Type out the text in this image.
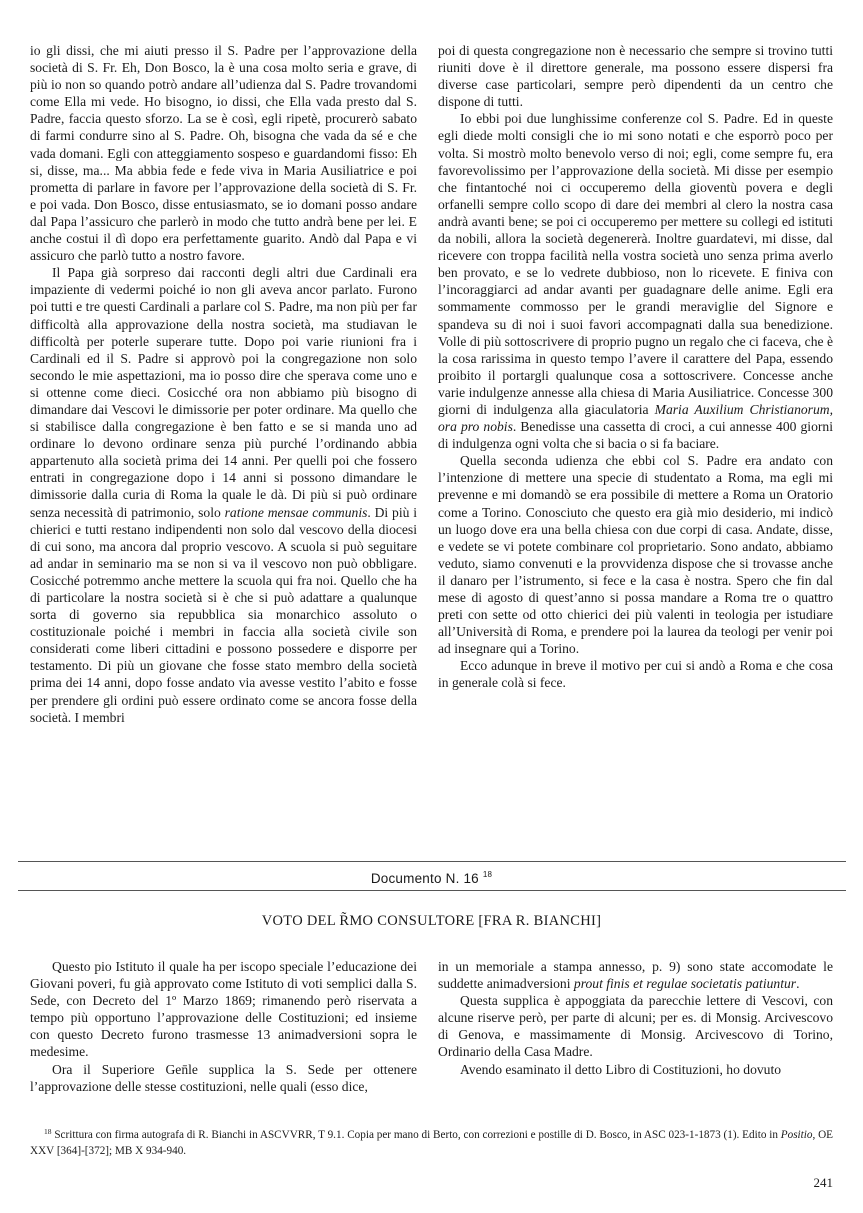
io gli dissi, che mi aiuti presso il S. Padre per l’approvazione della società di S. Fr. Eh, Don Bosco, la è una cosa molto seria e grave, di più io non so quando potrò andare all’udienza dal S. Padre trovandomi come Ella mi vede. Ho bisogno, io dissi, che Ella vada presto dal S. Padre, faccia questo sforzo. La se è così, egli ripetè, procurerò sabato di farmi condurre sino al S. Padre. Oh, bisogna che vada da sé e che vada domani. Egli con atteggiamento sospeso e guardandomi fisso: Eh si, disse, ma... Ma abbia fede e fede viva in Maria Ausiliatrice e poi prometta di parlare in favore per l’approvazione della società di S. Fr. e poi vada. Don Bosco, disse entusiasmato, se io domani posso andare dal Papa l’assicuro che parlerò in modo che tutto andrà bene per lei. E anche costui il dì dopo era perfettamente guarito. Andò dal Papa e vi assicuro che parlò tutto a nostro favore.

Il Papa già sorpreso dai racconti degli altri due Cardinali era impaziente di vedermi poiché io non gli aveva ancor parlato. Furono poi tutti e tre questi Cardinali a parlare col S. Padre, ma non più per far difficoltà alla approvazione della nostra società, ma studiavan le difficoltà per poterle superare tutte. Dopo poi varie riunioni fra i Cardinali ed il S. Padre si approvò poi la congregazione non solo secondo le mie aspettazioni, ma io posso dire che sperava come uno e si ottenne come dieci. Cosicché ora non abbiamo più bisogno di dimandare dai Vescovi le dimissorie per poter ordinare. Ma quello che si stabilisce dalla congregazione è ben fatto e se si manda uno ad ordinare lo devono ordinare senza più purché l’ordinando abbia appartenuto alla società prima dei 14 anni. Per quelli poi che fossero entrati in congregazione dopo i 14 anni si possono dimandare le dimissorie dalla curia di Roma la quale le dà. Di più si può ordinare senza necessità di patrimonio, solo ratione mensae communis. Di più i chierici e tutti restano indipendenti non solo dal vescovo della diocesi di cui sono, ma ancora dal proprio vescovo. A scuola si può seguitare ad andar in seminario ma se non si va il vescovo non può obbligare. Cosicché potremmo anche mettere la scuola qui fra noi. Quello che ha di particolare la nostra società si è che si può adattare a qualunque sorta di governo sia repubblica sia monarchico assoluto o costituzionale poiché i membri in faccia alla società civile son considerati come liberi cittadini e possono possedere e disporre per testamento. Di più un giovane che fosse stato membro della società prima dei 14 anni, dopo fosse andato via avesse vestito l’abito e fosse per prendere gli ordini può essere ordinato come se ancora fosse della società. I membri

poi di questa congregazione non è necessario che sempre si trovino tutti riuniti dove è il direttore generale, ma possono essere dispersi fra diverse case particolari, sempre però dipendenti da un centro che dispone di tutti.

Io ebbi poi due lunghissime conferenze col S. Padre. Ed in queste egli diede molti consigli che io mi sono notati e che esporrò poco per volta. Si mostrò molto benevolo verso di noi; egli, come sempre fu, era favorevolissimo per l’approvazione della società. Mi disse per esempio che fintantoché noi ci occuperemo della gioventù povera e degli orfanelli sempre collo scopo di dare dei membri al clero la nostra casa andrà avanti bene; se poi ci occuperemo per mettere su collegi ed istituti da nobili, allora la società degenererà. Inoltre guardatevi, mi disse, dal ricevere con troppa facilità nella vostra società uno senza prima averlo ben provato, e se lo vedrete dubbioso, non lo ricevete. E finiva con l’incoraggiarci ad andar avanti per guadagnare delle anime. Egli era sommamente commosso per le grandi meraviglie del Signore e spandeva su di noi i suoi favori accompagnati dalla sua benedizione. Volle di più sottoscrivere di proprio pugno un regalo che ci faceva, che è la cosa rarissima in questo tempo l’avere il carattere del Papa, essendo proibito il portargli qualunque cosa a sottoscrivere. Concesse anche varie indulgenze annesse alla chiesa di Maria Ausiliatrice. Concesse 300 giorni di indulgenza alla giaculatoria Maria Auxilium Christianorum, ora pro nobis. Benedisse una cassetta di croci, a cui annesse 400 giorni di indulgenza ogni volta che si bacia o si fa baciare.

Quella seconda udienza che ebbi col S. Padre era andato con l’intenzione di mettere una specie di studentato a Roma, ma egli mi prevenne e mi domandò se era possibile di mettere a Roma un Oratorio come a Torino. Conosciuto che questo era già mio desiderio, mi indicò un luogo dove era una bella chiesa con due corpi di casa. Andate, disse, e vedete se vi potete combinare col proprietario. Sono andato, abbiamo veduto, siamo convenuti e la provvidenza dispose che si trovasse anche il danaro per l’istrumento, si fece e la casa è nostra. Spero che fin dal mese di agosto di quest’anno si possa mandare a Roma tre o quattro preti con sette od otto chierici dei più valenti in teologia per istudiare all’Università di Roma, e prendere poi la laurea da teologi per venir poi ad insegnare qui a Torino.

Ecco adunque in breve il motivo per cui si andò a Roma e che cosa in generale colà si fece.

Documento N. 16 $^{18}$
VOTO DEL R̃MO CONSULTORE [FRA R. BIANCHI]

Questo pio Istituto il quale ha per iscopo speciale l’educazione dei Giovani poveri, fu già approvato come Istituto di voti semplici dalla S. Sede, con Decreto del 1º Marzo 1869; rimanendo però riservata a tempo più opportuno l’approvazione delle Costituzioni; ed insieme con questo Decreto furono trasmesse 13 animadversioni sopra le medesime.

Ora il Superiore Gen̄le supplica la S. Sede per ottenere l’approvazione delle stesse costituzioni, nelle quali (esso dice,

in un memoriale a stampa annesso, p. 9) sono state accomodate le suddette animadversioni prout finis et regulae societatis patiuntur.

Questa supplica è appoggiata da parecchie lettere di Vescovi, con alcune riserve però, per parte di alcuni; per es. di Monsig. Arcivescovo di Genova, e massimamente di Monsig. Arcivescovo di Torino, Ordinario della Casa Madre.

Avendo esaminato il detto Libro di Costituzioni, ho dovuto

$^{18}$ Scrittura con firma autografa di R. Bianchi in ASCVVRR, T 9.1. Copia per mano di Berto, con correzioni e postille di D. Bosco, in ASC 023-1-1873 (1). Edito in Positio, OE XXV [364]-[372]; MB X 934-940.
241
